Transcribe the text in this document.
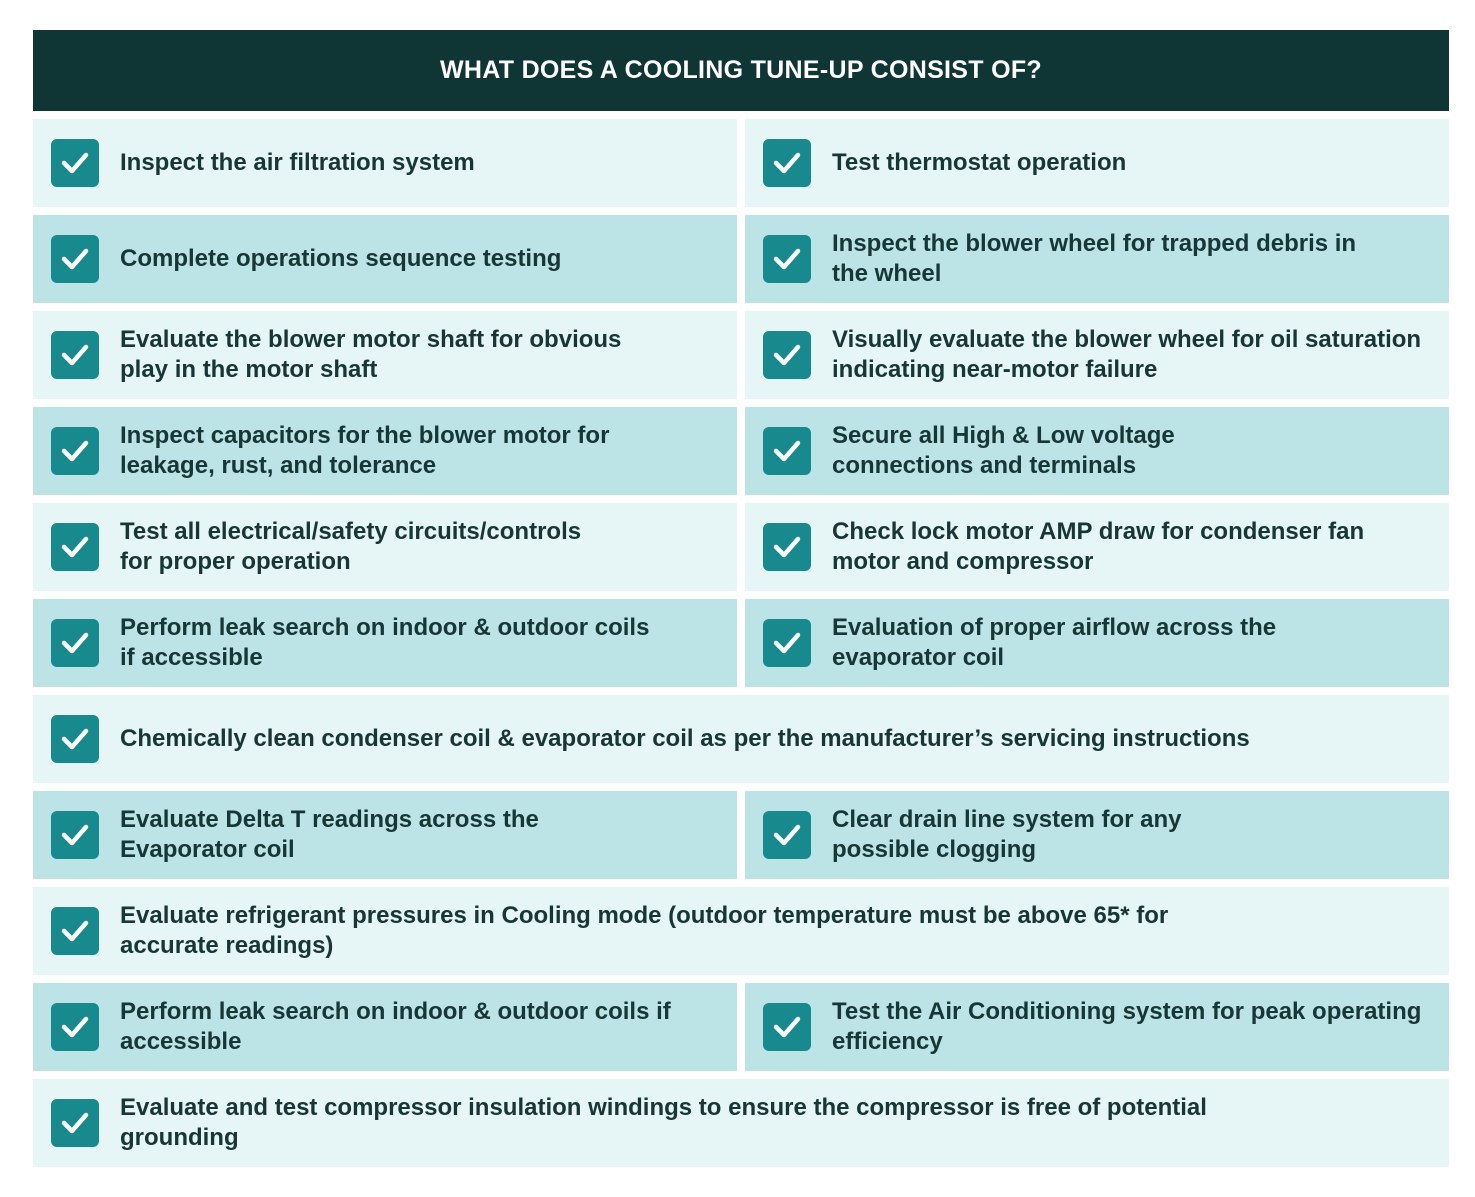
WHAT DOES A COOLING TUNE-UP CONSIST OF?
Inspect the air filtration system	Test thermostat operation
Complete operations sequence testing
Inspect the blower wheel for trapped debris in the wheel
Evaluate the blower motor shaft for obvious play in the motor shaft
Visually evaluate the blower wheel for oil saturation indicating near-motor failure
Inspect capacitors for the blower motor for leakage, rust, and tolerance
Secure all High & Low voltage connections and terminals
Test all electrical/safety circuits/controls for proper operation
Check lock motor AMP draw for condenser fan motor and compressor
Perform leak search on indoor & outdoor coils if accessible
Evaluation of proper airflow across the evaporator coil
Chemically clean condenser coil & evaporator coil as per the manufacturer’s servicing instructions
Evaluate Delta T readings across the Evaporator coil
Clear drain line system for any possible clogging
Evaluate refrigerant pressures in Cooling mode (outdoor temperature must be above 65* for accurate readings)
Perform leak search on indoor & outdoor coils if accessible
Test the Air Conditioning system for peak operating efficiency
Evaluate and test compressor insulation windings to ensure the compressor is free of potential grounding
